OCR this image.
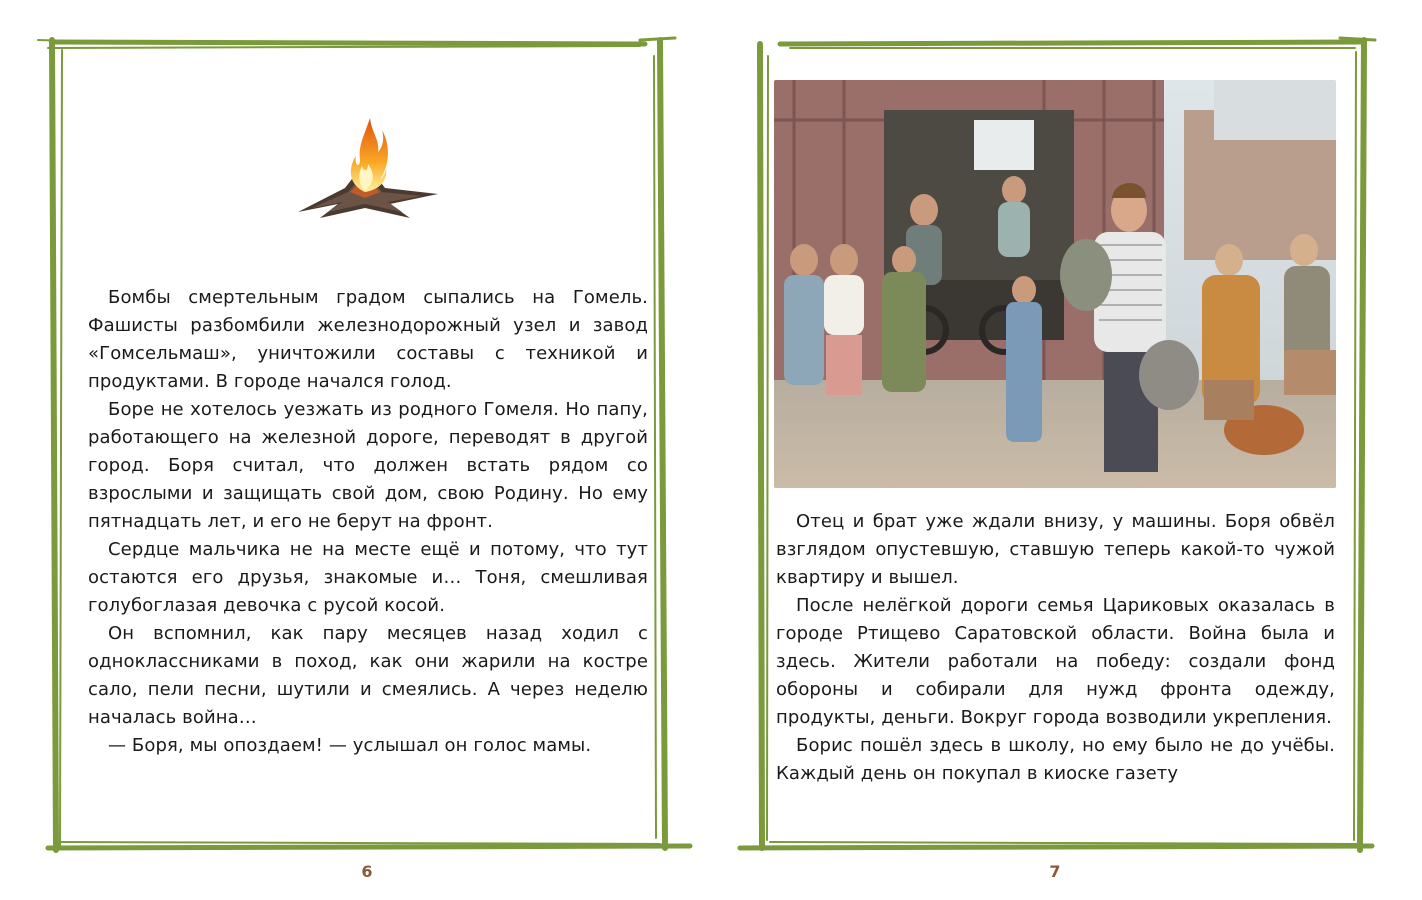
Бомбы смертельным градом сыпались на Гомель. Фашисты разбомбили железнодорожный узел и завод «Гомсельмаш», уничтожили составы с техникой и продуктами. В городе начался голод.

Боре не хотелось уезжать из родного Гомеля. Но папу, работающего на железной дороге, переводят в другой город. Боря считал, что должен встать рядом со взрослыми и защищать свой дом, свою Родину. Но ему пятнадцать лет, и его не берут на фронт.

Сердце мальчика не на месте ещё и потому, что тут остаются его друзья, знакомые и… Тоня, смешливая голубоглазая девочка с русой косой.

Он вспомнил, как пару месяцев назад ходил с одноклассниками в поход, как они жарили на костре сало, пели песни, шутили и смеялись. А через неделю началась война…

— Боря, мы опоздаем! — услышал он голос мамы.

6

Отец и брат уже ждали внизу, у машины. Боря обвёл взглядом опустевшую, ставшую теперь какой-то чужой квартиру и вышел.

После нелёгкой дороги семья Цариковых оказалась в городе Ртищево Саратовской области. Война была и здесь. Жители работали на победу: создали фонд обороны и собирали для нужд фронта одежду, продукты, деньги. Вокруг города возводили укрепления.

Борис пошёл здесь в школу, но ему было не до учёбы. Каждый день он покупал в киоске газету

7
